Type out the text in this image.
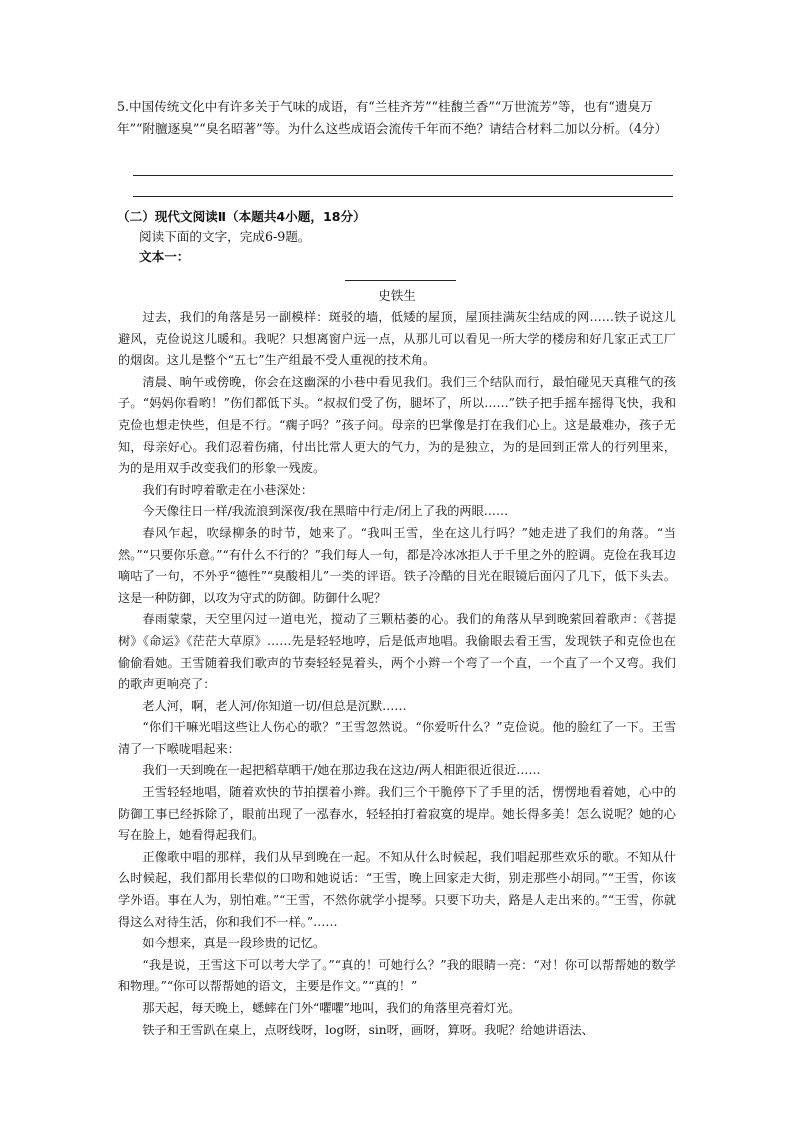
5.中国传统文化中有许多关于气味的成语，有“兰桂齐芳”“桂馥兰香”“万世流芳”等，也有“遗臭万年”“附膻逐臭”“臭名昭著”等。为什么这些成语会流传千年而不绝？请结合材料二加以分析。（4分）
（二）现代文阅读Ⅱ（本题共4小题，18分）
阅读下面的文字，完成6-9题。
文本一：
史铁生

过去，我们的角落是另一副模样：斑驳的墙，低矮的屋顶，屋顶挂满灰尘结成的网……铁子说这儿避风，克俭说这儿暖和。我呢？只想离窗户远一点，从那儿可以看见一所大学的楼房和好几家正式工厂的烟囱。这儿是整个“五七”生产组最不受人重视的技术角。

清晨、晌午或傍晚，你会在这幽深的小巷中看见我们。我们三个结队而行，最怕碰见天真稚气的孩子。“妈妈你看哟！”伤们都低下头。“叔叔们受了伤，腿坏了，所以……”铁子把手摇车摇得飞快，我和克俭也想走快些，但是不行。“瘸子吗？”孩子问。母亲的巴掌像是打在我们心上。这是最难办，孩子无知，母亲好心。我们忍着伤痛，付出比常人更大的气力，为的是独立，为的是回到正常人的行列里来，为的是用双手改变我们的形象一残废。

我们有时哼着歌走在小巷深处：

今天像往日一样/我流浪到深夜/我在黑暗中行走/闭上了我的两眼……

春风乍起，吹绿柳条的时节，她来了。“我叫王雪，坐在这儿行吗？”她走进了我们的角落。“当然。”“只要你乐意。”“有什么不行的？”我们每人一句，都是冷冰冰拒人于千里之外的腔调。克俭在我耳边嘀咕了一句，不外乎“德性”“臭酸相儿”一类的评语。铁子冷酷的目光在眼镜后面闪了几下，低下头去。这是一种防御，以攻为守式的防御。防御什么呢？

春雨蒙蒙，天空里闪过一道电光，搅动了三颗枯萎的心。我们的角落从早到晚萦回着歌声：《菩提树》《命运》《茫茫大草原》……先是轻轻地哼，后是低声地唱。我偷眼去看王雪，发现铁子和克俭也在偷偷看她。王雪随着我们歌声的节奏轻轻晃着头，两个小辫一个弯了一个直，一个直了一个又弯。我们的歌声更响亮了：

老人河，啊，老人河/你知道一切/但总是沉默……

“你们干嘛光唱这些让人伤心的歌？”王雪忽然说。“你爱听什么？”克俭说。他的脸红了一下。王雪清了一下喉咙唱起来：

我们一天到晚在一起把稻草晒干/她在那边我在这边/两人相距很近很近……

王雪轻轻地唱，随着欢快的节拍摆着小辫。我们三个干脆停下了手里的活，愣愣地看着她，心中的防御工事已经拆除了，眼前出现了一泓春水，轻轻拍打着寂寞的堤岸。她长得多美！怎么说呢？她的心写在脸上，她看得起我们。

正像歌中唱的那样，我们从早到晚在一起。不知从什么时候起，我们唱起那些欢乐的歌。不知从什么时候起，我们都用长辈似的口吻和她说话：“王雪，晚上回家走大街，别走那些小胡同。”“王雪，你该学外语。事在人为，别怕难。”“王雪，不然你就学小提琴。只要下功夫，路是人走出来的。”“王雪，你就得这么对待生活，你和我们不一样。”……

如今想来，真是一段珍贵的记忆。

“我是说，王雪这下可以考大学了。”“真的！可她行么？”我的眼睛一亮：“对！你可以帮帮她的数学和物理。”“你可以帮帮她的语文，主要是作文。”“真的！”

那天起，每天晚上，蟋蟀在门外“㘗㘗”地叫，我们的角落里亮着灯光。

铁子和王雪趴在桌上，点呀线呀，log呀，sin呀，画呀，算呀。我呢？给她讲语法、
